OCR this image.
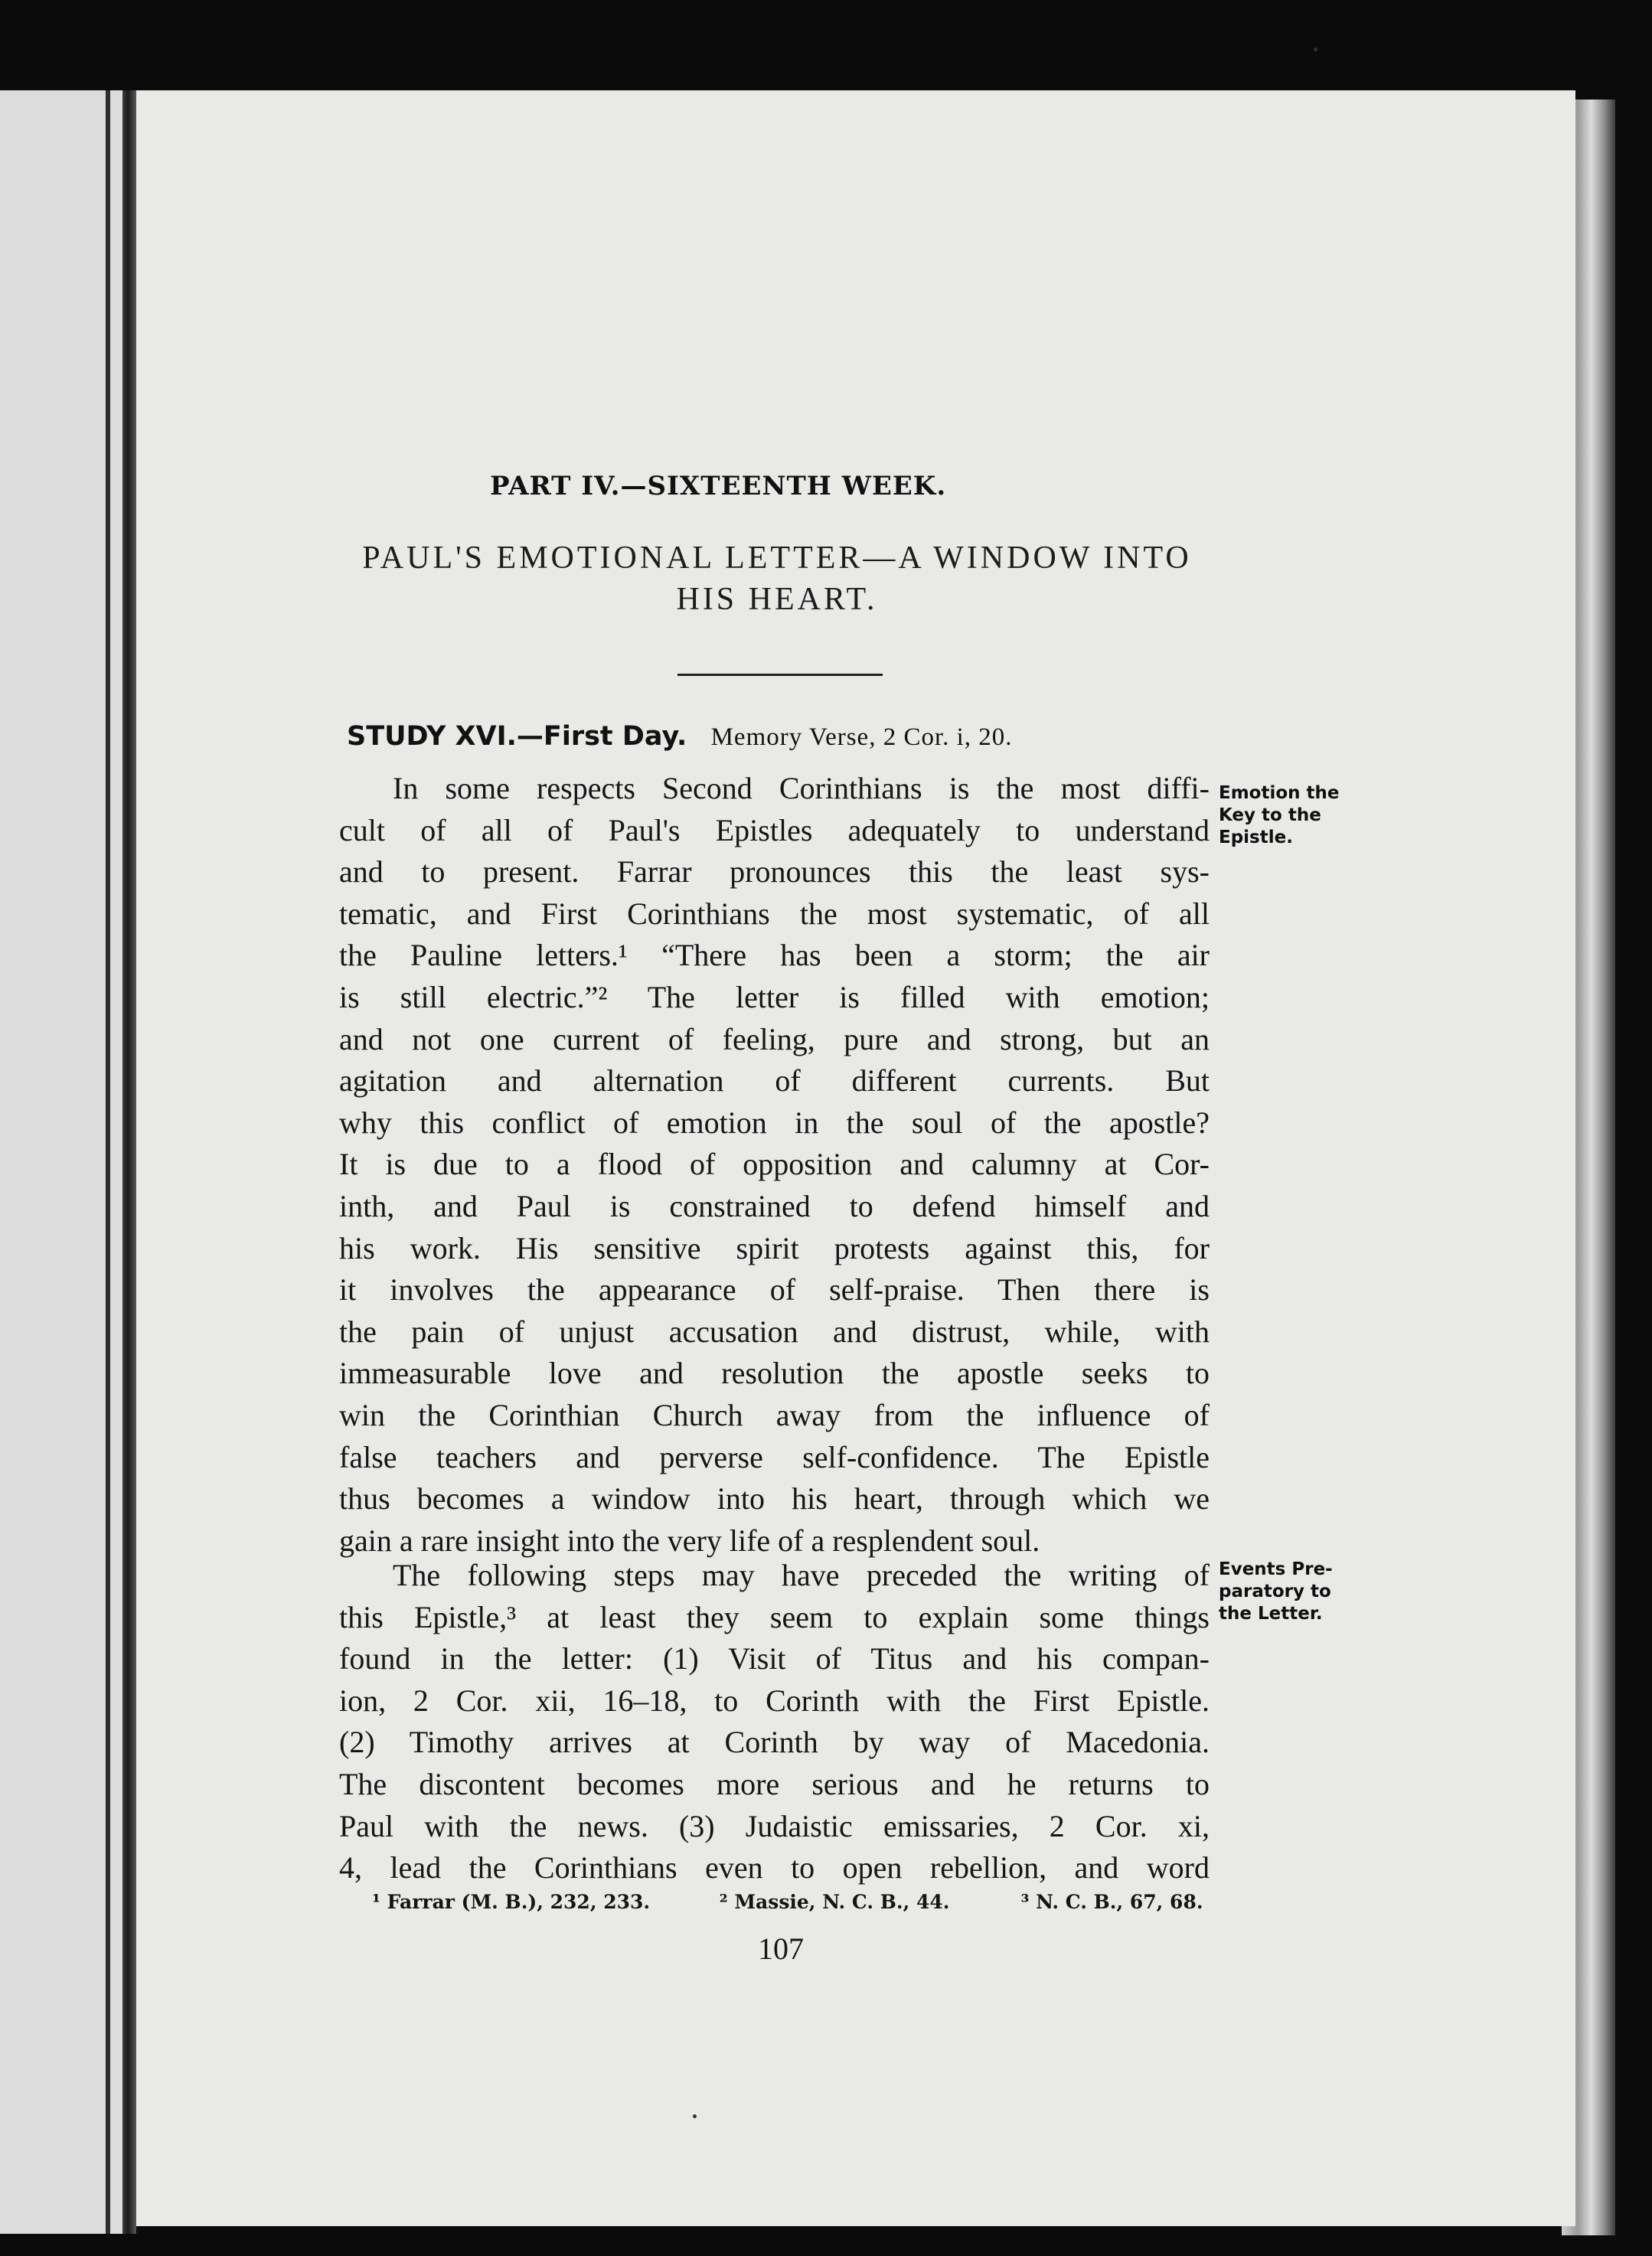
PART IV.—SIXTEENTH WEEK.
PAUL'S EMOTIONAL LETTER—A WINDOW INTO
HIS HEART.
STUDY XVI.—First Day. Memory Verse, 2 Cor. i, 20.
In some respects Second Corinthians is the most diffi-
cult of all of Paul's Epistles adequately to understand
and to present. Farrar pronounces this the least sys-
tematic, and First Corinthians the most systematic, of all
the Pauline letters.¹ “There has been a storm; the air
is still electric.”² The letter is filled with emotion;
and not one current of feeling, pure and strong, but an
agitation and alternation of different currents. But
why this conflict of emotion in the soul of the apostle?
It is due to a flood of opposition and calumny at Cor-
inth, and Paul is constrained to defend himself and
his work. His sensitive spirit protests against this, for
it involves the appearance of self-praise. Then there is
the pain of unjust accusation and distrust, while, with
immeasurable love and resolution the apostle seeks to
win the Corinthian Church away from the influence of
false teachers and perverse self-confidence. The Epistle
thus becomes a window into his heart, through which we
gain a rare insight into the very life of a resplendent soul.
Emotion the
Key to the
Epistle.
The following steps may have preceded the writing of
this Epistle,³ at least they seem to explain some things
found in the letter: (1) Visit of Titus and his compan-
ion, 2 Cor. xii, 16–18, to Corinth with the First Epistle.
(2) Timothy arrives at Corinth by way of Macedonia.
The discontent becomes more serious and he returns to
Paul with the news. (3) Judaistic emissaries, 2 Cor. xi,
4, lead the Corinthians even to open rebellion, and word
Events Pre-
paratory to
the Letter.
¹ Farrar (M. B.), 232, 233.	² Massie, N. C. B., 44.	³ N. C. B., 67, 68.
107
